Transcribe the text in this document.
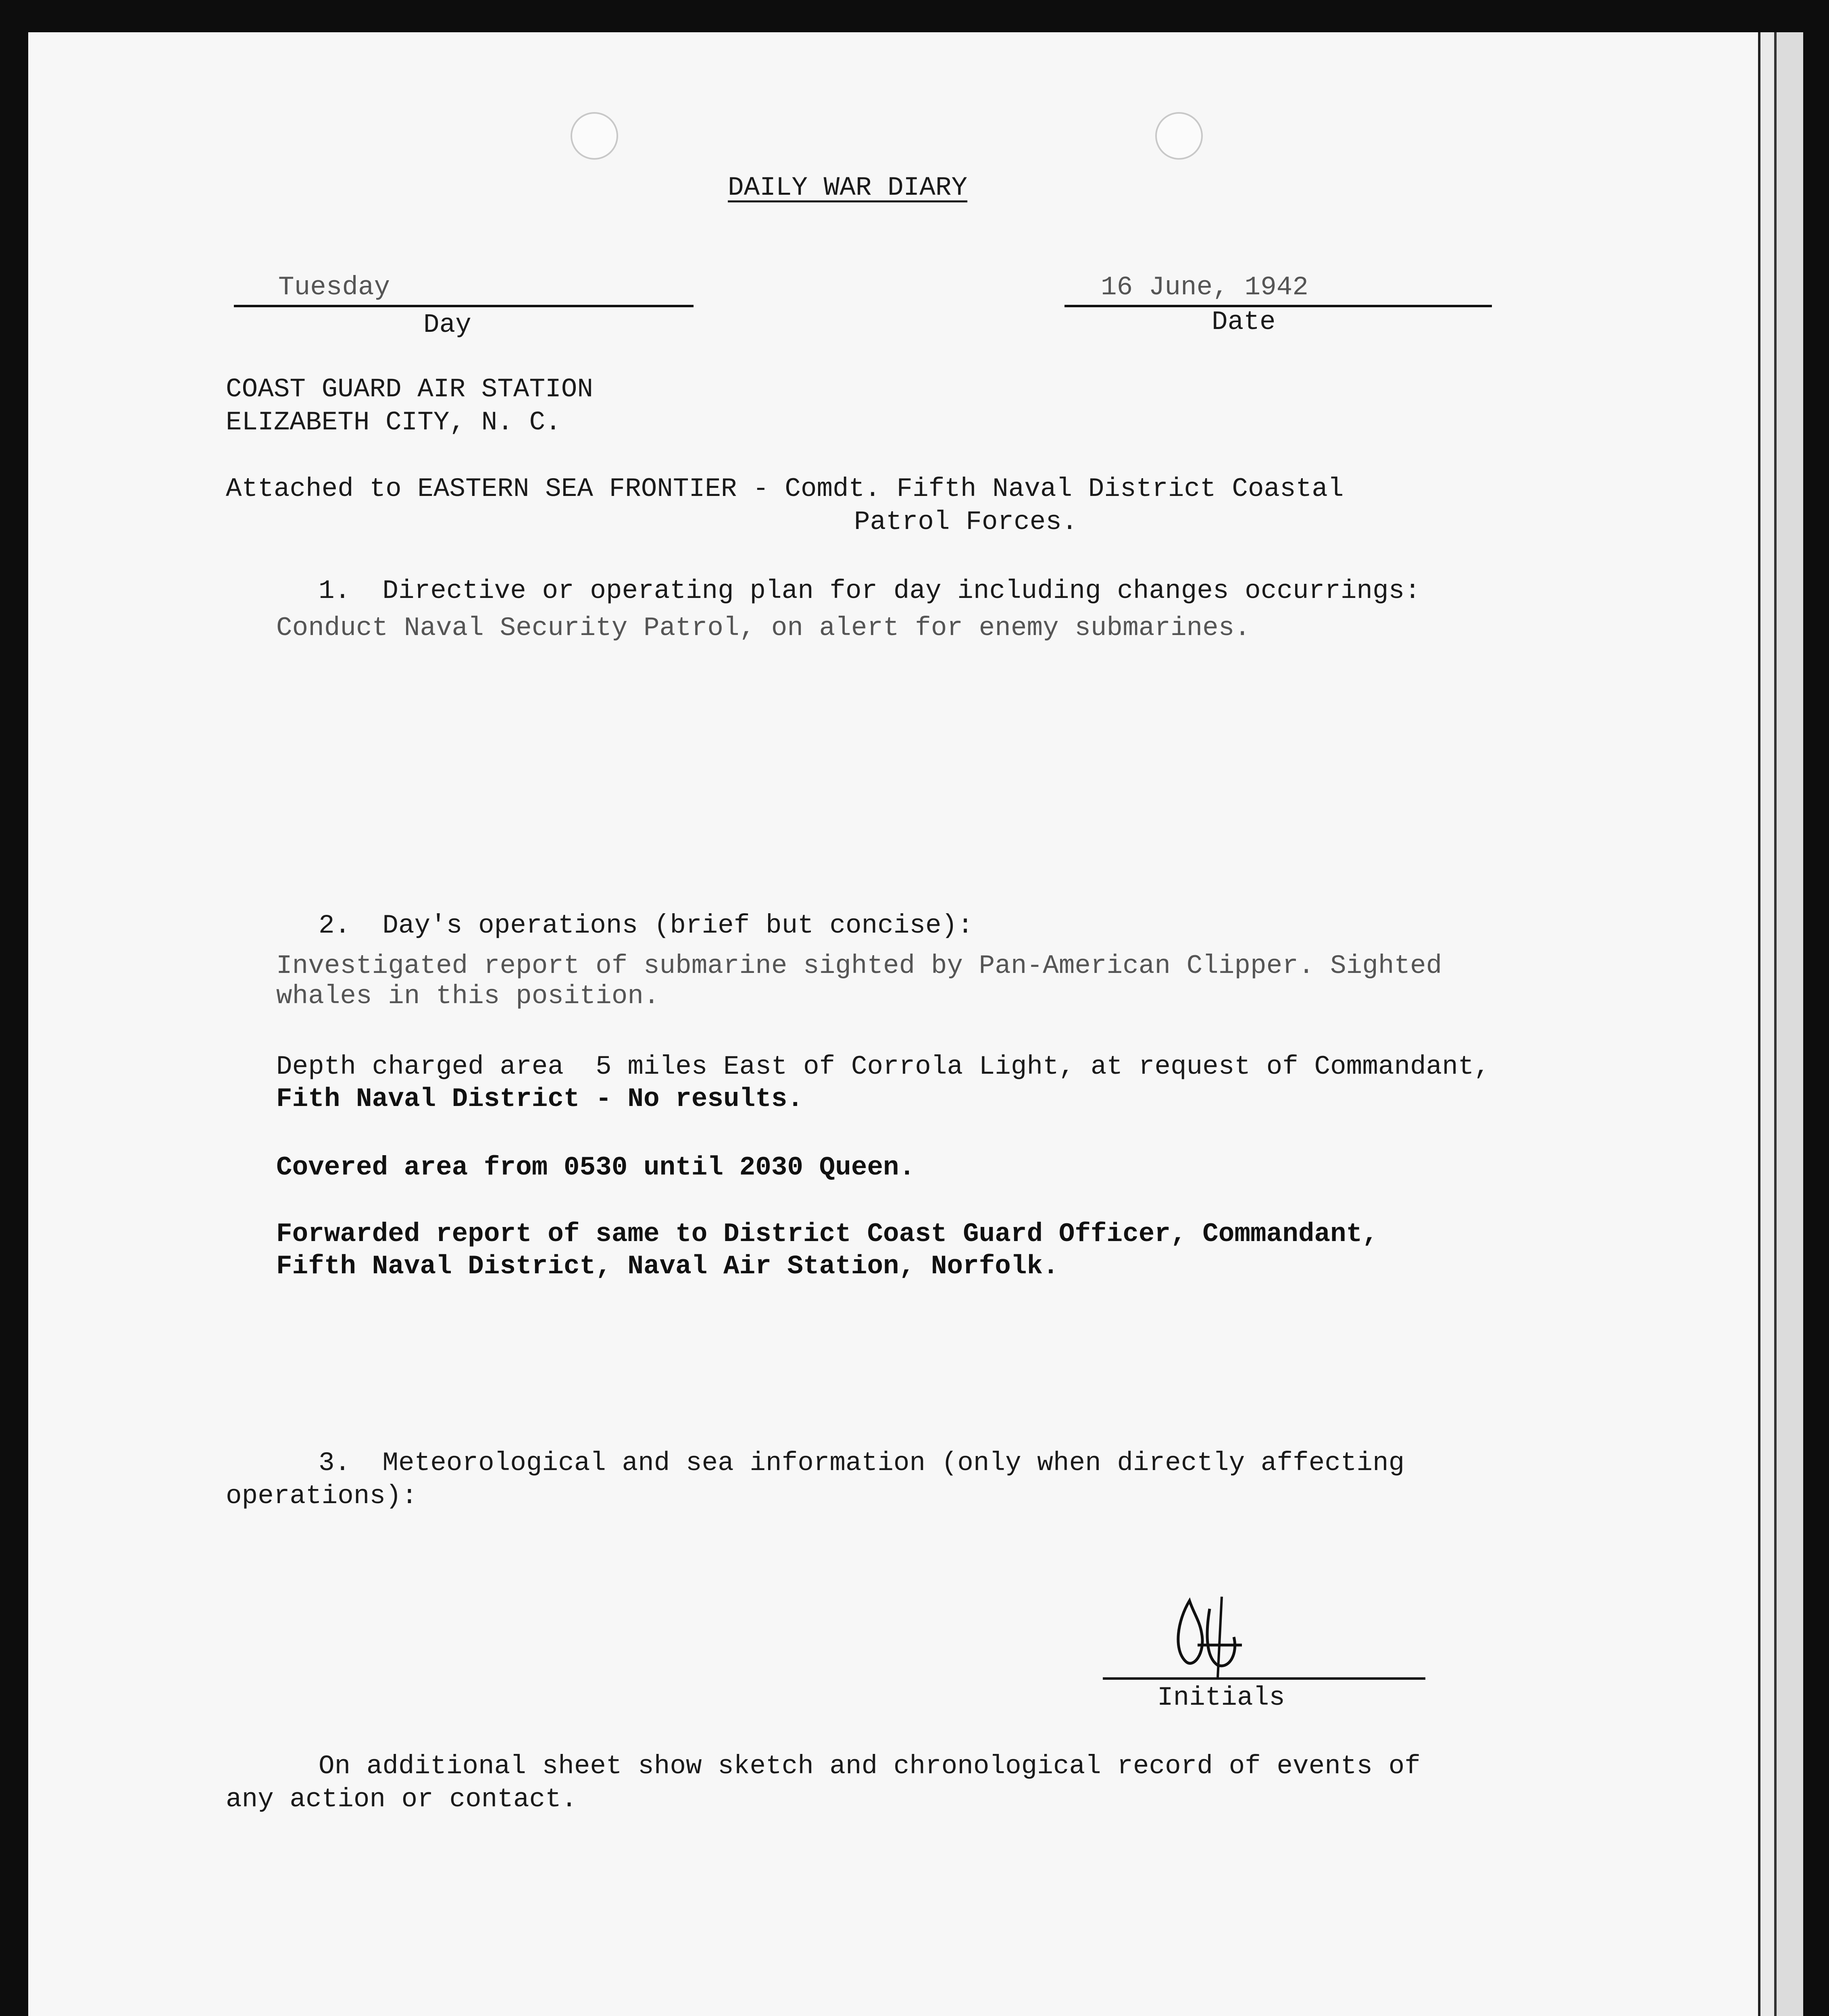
DAILY WAR DIARY
Tuesday
Day
16 June, 1942
Date
COAST GUARD AIR STATION
ELIZABETH CITY, N. C.
Attached to EASTERN SEA FRONTIER - Comdt. Fifth Naval District Coastal
Patrol Forces.
1.  Directive or operating plan for day including changes occurrings:
Conduct Naval Security Patrol, on alert for enemy submarines.
2.  Day's operations (brief but concise):
Investigated report of submarine sighted by Pan-American Clipper. Sighted
whales in this position.
Depth charged area  5 miles East of Corrola Light, at request of Commandant,
Fith Naval District - No results.
Covered area from 0530 until 2030 Queen.
Forwarded report of same to District Coast Guard Officer, Commandant,
Fifth Naval District, Naval Air Station, Norfolk.
3.  Meteorological and sea information (only when directly affecting
operations):
Initials
On additional sheet show sketch and chronological record of events of
any action or contact.
